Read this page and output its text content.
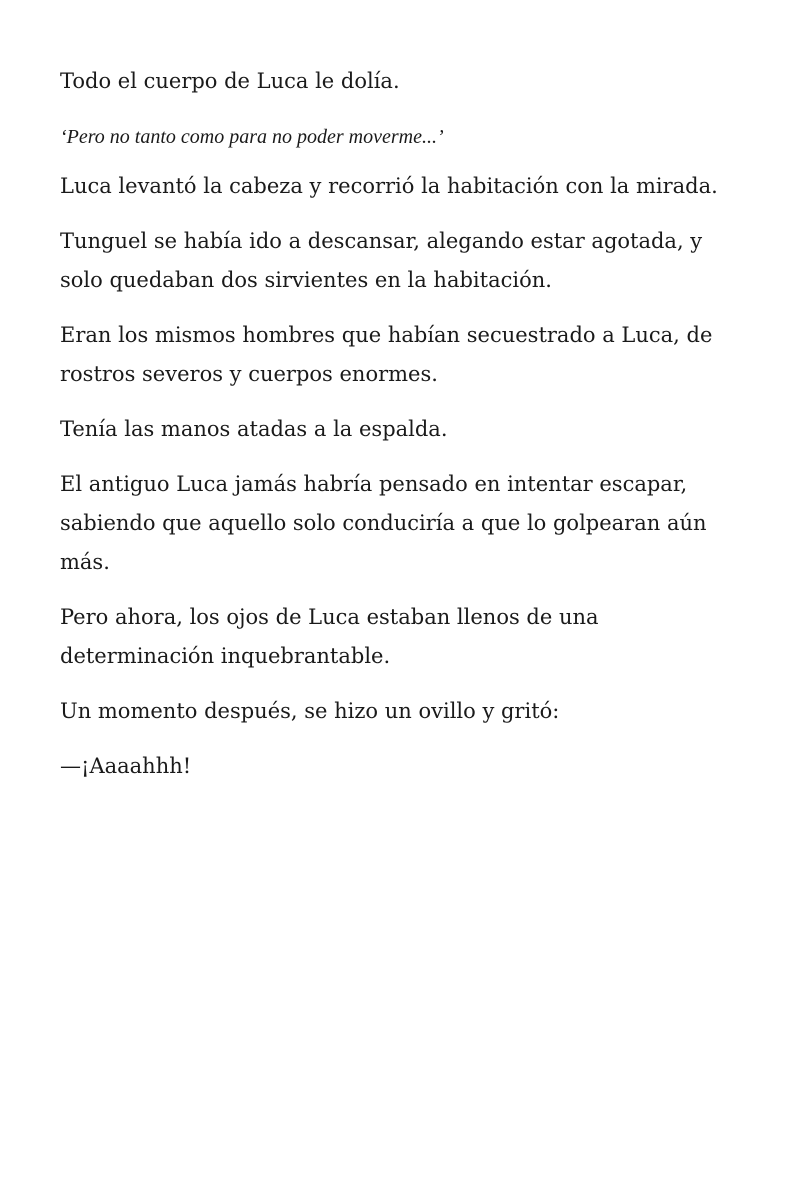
Todo el cuerpo de Luca le dolía.

‘Pero no tanto como para no poder moverme...’

Luca levantó la cabeza y recorrió la habitación con la mirada.

Tunguel se había ido a descansar, alegando estar agotada, y solo quedaban dos sirvientes en la habitación.

Eran los mismos hombres que habían secuestrado a Luca, de rostros severos y cuerpos enormes.

Tenía las manos atadas a la espalda.

El antiguo Luca jamás habría pensado en intentar escapar, sabiendo que aquello solo conduciría a que lo golpearan aún más.

Pero ahora, los ojos de Luca estaban llenos de una determinación inquebrantable.

Un momento después, se hizo un ovillo y gritó:

—¡Aaaahhh!
